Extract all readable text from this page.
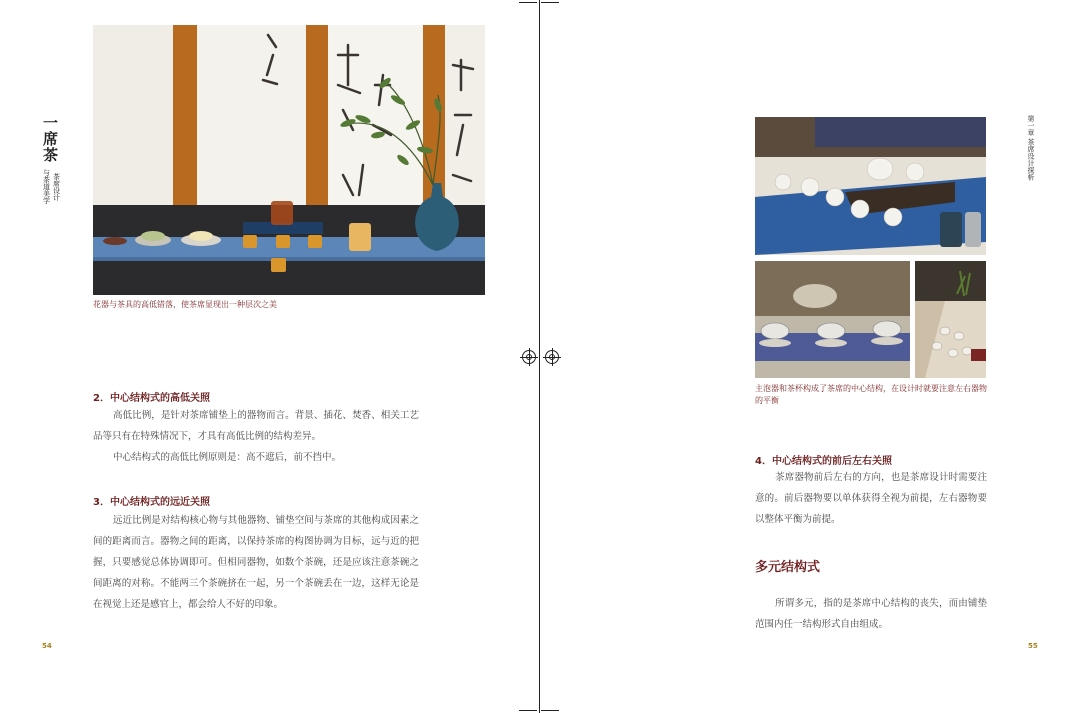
一席茶
茶席设计
与茶道美学
花器与茶具的高低错落，使茶席显现出一种层次之美
2．中心结构式的高低关照
高低比例，是针对茶席铺垫上的器物而言。背景、插花、焚香、相关工艺品等只有在特殊情况下，才具有高低比例的结构差异。
中心结构式的高低比例原则是：高不遮后，前不挡中。
3．中心结构式的远近关照
远近比例是对结构核心物与其他器物、铺垫空间与茶席的其他构成因素之间的距离而言。器物之间的距离，以保持茶席的构图协调为目标，远与近的把握，只要感觉总体协调即可。但相同器物，如数个茶碗，还是应该注意茶碗之间距离的对称。不能两三个茶碗挤在一起，另一个茶碗丢在一边，这样无论是在视觉上还是感官上，都会给人不好的印象。
54
第一章 茶席设计探析
主泡器和茶杯构成了茶席的中心结构，在设计时就要注意左右器物的平衡
4．中心结构式的前后左右关照
茶席器物前后左右的方向，也是茶席设计时需要注意的。前后器物要以单体获得全视为前提，左右器物要以整体平衡为前提。
多元结构式
所谓多元，指的是茶席中心结构的丧失，而由铺垫范围内任一结构形式自由组成。
55
